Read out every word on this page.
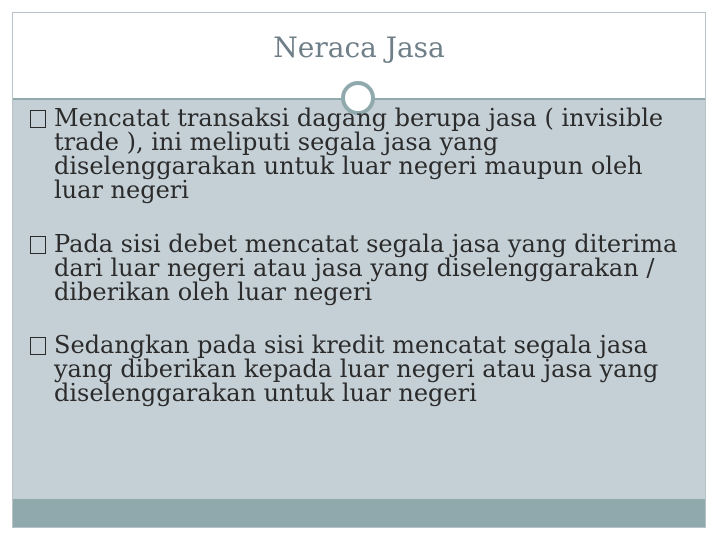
Neraca Jasa
Mencatat transaksi dagang berupa jasa ( invisible trade ), ini meliputi segala jasa yang diselenggarakan untuk luar negeri maupun oleh luar negeri
Pada sisi debet mencatat segala jasa yang diterima dari luar negeri atau jasa yang diselenggarakan / diberikan oleh luar negeri
Sedangkan pada sisi kredit mencatat segala jasa yang diberikan kepada luar negeri atau jasa yang diselenggarakan untuk luar negeri
